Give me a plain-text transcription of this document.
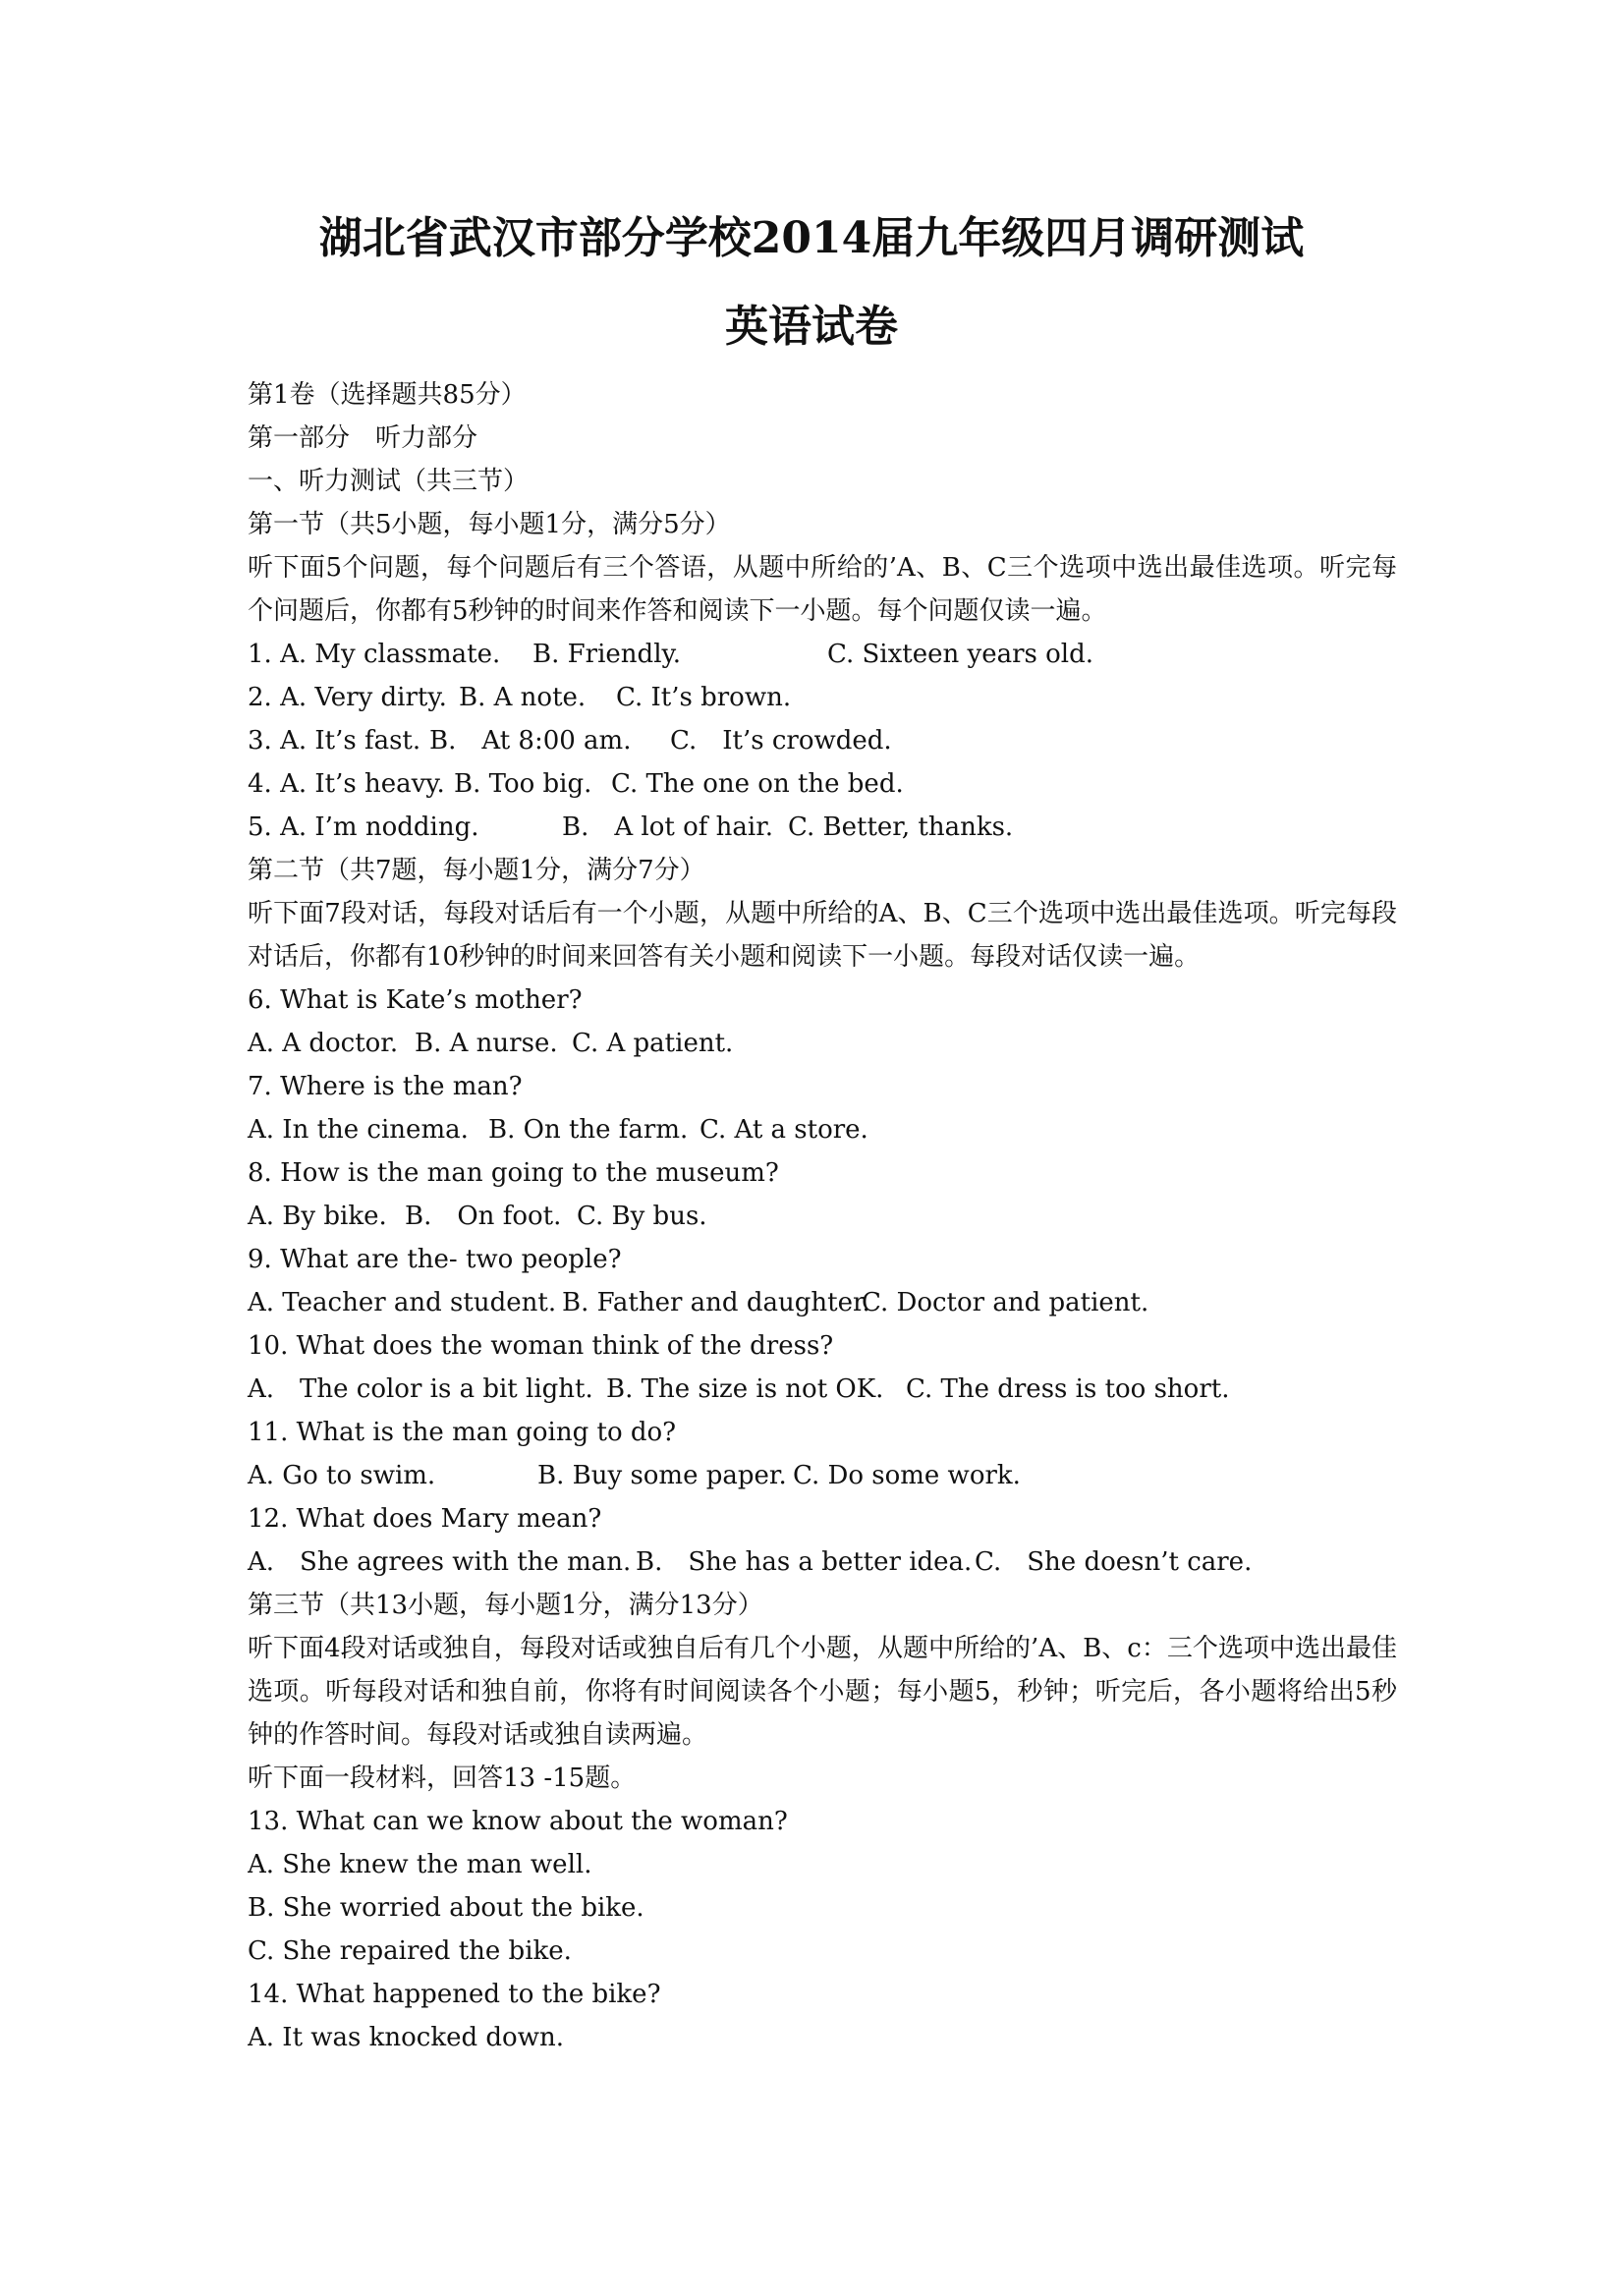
湖北省武汉市部分学校2014届九年级四月调研测试
英语试卷
第1卷（选择题共85分）
第一部分　听力部分
一、听力测试（共三节）
第一节（共5小题，每小题1分，满分5分）
听下面5个问题，每个问题后有三个答语，从题中所给的’A、B、C三个选项中选出最佳选项。听完每个问题后，你都有5秒钟的时间来作答和阅读下一小题。每个问题仅读一遍。
1. A. My classmate.	B. Friendly.	C. Sixteen years old.
2. A. Very dirty. B. A note.	C. It’s brown.
3. A. It’s fast. B.　At 8:00 am.	C.　It’s crowded.
4. A. It’s heavy. B. Too big. C. The one on the bed.
5. A. I’m nodding.	B.　A lot of hair. C. Better, thanks.
第二节（共7题，每小题1分，满分7分）
听下面7段对话，每段对话后有一个小题，从题中所给的A、B、C三个选项中选出最佳选项。听完每段对话后，你都有10秒钟的时间来回答有关小题和阅读下一小题。每段对话仅读一遍。
6. What is Kate’s mother?
A. A doctor. B. A nurse. C. A patient.
7. Where is the man?
A. In the cinema. B. On the farm. C. At a store.
8. How is the man going to the museum?
A. By bike. B.　On foot. C. By bus.
9. What are the- two people?
A. Teacher and student. B. Father and daughter.
C. Doctor and patient.
10. What does the woman think of the dress?
A.　The color is a bit light. B. The size is not OK. C. The dress is too short.
11. What is the man going to do?
A. Go to swim.	B. Buy some paper. C. Do some work.
12. What does Mary mean?
A.　She agrees with the man. B.　She has a better idea. C.　She doesn’t care.
第三节（共13小题，每小题1分，满分13分）
听下面4段对话或独自，每段对话或独自后有几个小题，从题中所给的’A、B、c：三个选项中选出最佳选项。听每段对话和独自前，你将有时间阅读各个小题；每小题5，秒钟；听完后，各小题将给出5秒钟的作答时间。每段对话或独自读两遍。
听下面一段材料，回答13 -15题。
13. What can we know about the woman?
A. She knew the man well.
B. She worried about the bike.
C. She repaired the bike.
14. What happened to the bike?
A. It was knocked down.
